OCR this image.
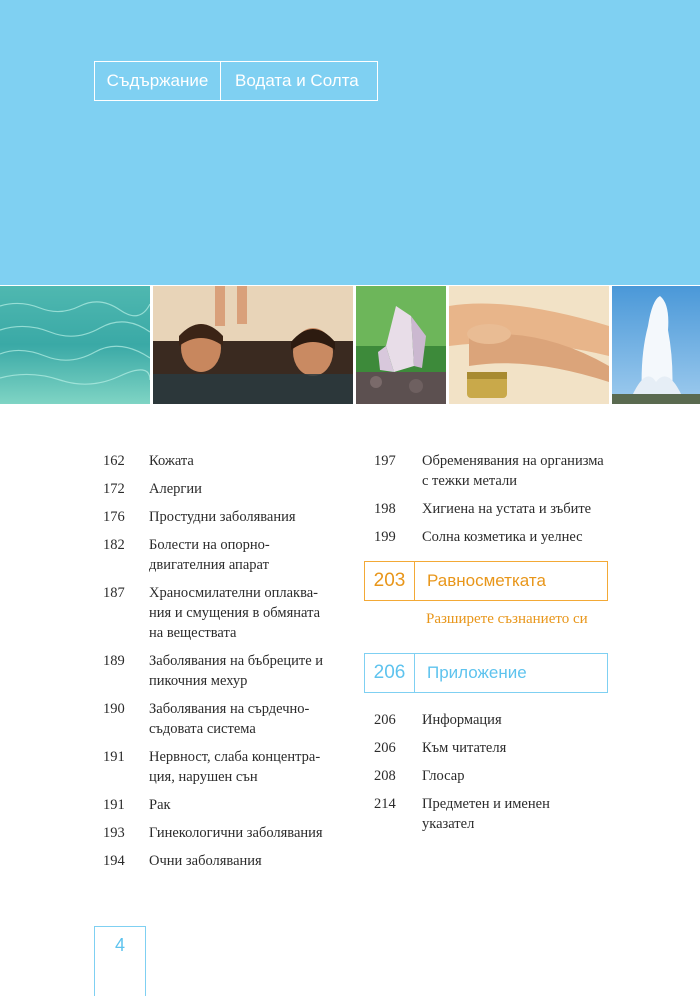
Съдържание	Водата и Солта
162	Кожата
172	Алергии
176	Простудни заболявания
182	Болести на опорно-
двигателния апарат
187	Храносмилателни оплаква-
ния и смущения в обмяната
на веществата
189	Заболявания на бъбреците и
пикочния мехур
190	Заболявания на сърдечно-
съдовата система
191	Нервност, слаба концентра-
ция, нарушен сън
191	Рак
193	Гинекологични заболявания
194	Очни заболявания
197	Обременявания на организма
с тежки метали
198	Хигиена на устата и зъбите
199	Солна козметика и уелнес
203	Равносметката
Разширете съзнанието си
206	Приложение
206	Информация
206	Към читателя
208	Глосар
214	Предметен и именен
указател
4
